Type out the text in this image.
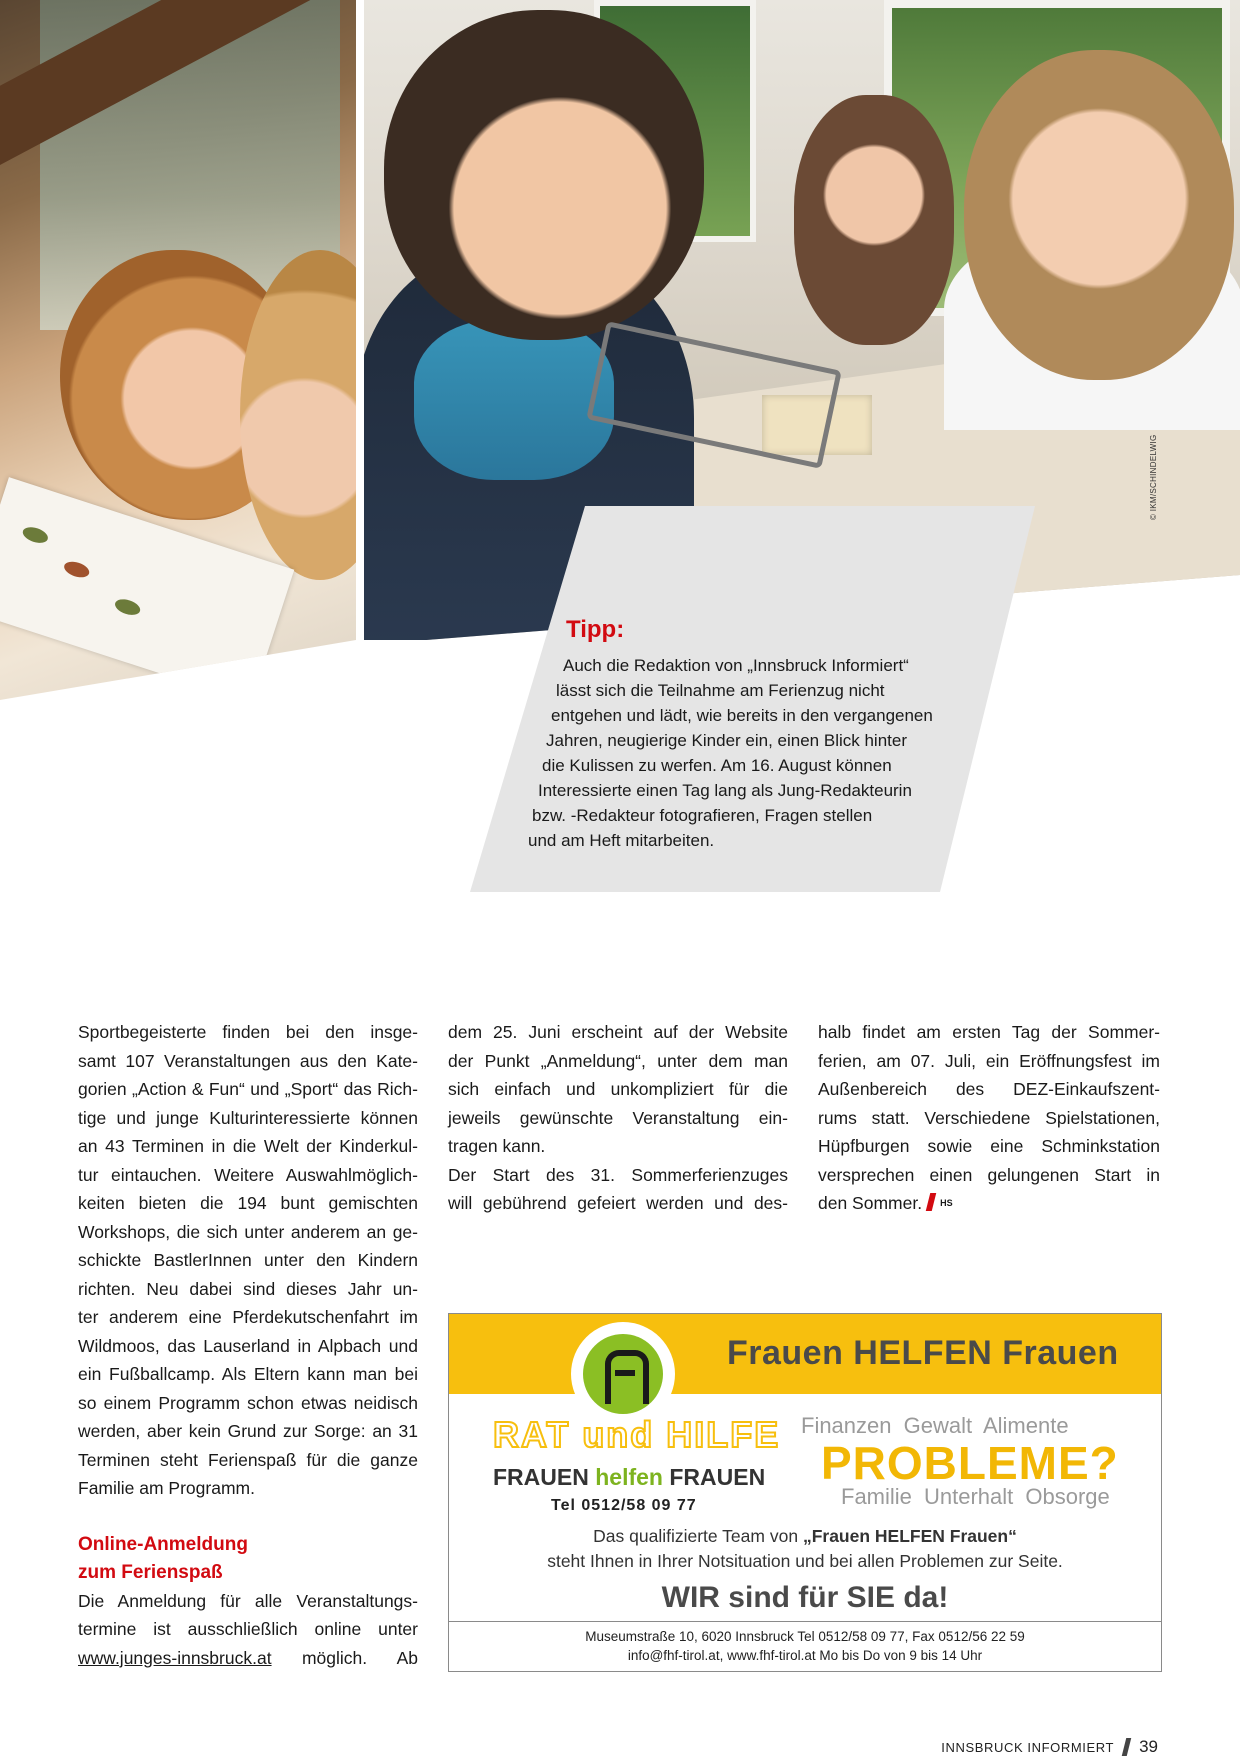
© IKM/SCHINDELWIG
Tipp:
Auch die Redaktion von „Innsbruck Informiert“
lässt sich die Teilnahme am Ferienzug nicht
entgehen und lädt, wie bereits in den vergangenen
Jahren, neugierige Kinder ein, einen Blick hinter
die Kulissen zu werfen. Am 16. August können
Interessierte einen Tag lang als Jung-Redakteurin
bzw. -Redakteur fotografieren, Fragen stellen
und am Heft mitarbeiten.
Sportbegeisterte finden bei den insge-
samt 107 Veranstaltungen aus den Kate-
gorien „Action & Fun“ und „Sport“ das Rich-
tige und junge Kulturinteressierte können
an 43 Terminen in die Welt der Kinderkul-
tur eintauchen. Weitere Auswahlmöglich-
keiten bieten die 194 bunt gemischten
Workshops, die sich unter anderem an ge-
schickte BastlerInnen unter den Kindern
richten. Neu dabei sind dieses Jahr un-
ter anderem eine Pferdekutschenfahrt im
Wildmoos, das Lauserland in Alpbach und
ein Fußballcamp. Als Eltern kann man bei
so einem Programm schon etwas neidisch
werden, aber kein Grund zur Sorge: an 31
Terminen steht Ferienspaß für die ganze
Familie am Programm.
Online-Anmeldung
zum Ferienspaß
Die Anmeldung für alle Veranstaltungs-
termine ist ausschließlich online unter
www.junges-innsbruck.at möglich. Ab
dem 25. Juni erscheint auf der Website
der Punkt „Anmeldung“, unter dem man
sich einfach und unkompliziert für die
jeweils gewünschte Veranstaltung ein-
tragen kann.
Der Start des 31. Sommerferienzuges
will gebührend gefeiert werden und des-
halb findet am ersten Tag der Sommer-
ferien, am 07. Juli, ein Eröffnungsfest im
Außenbereich des DEZ-Einkaufszent-
rums statt. Verschiedene Spielstationen,
Hüpfburgen sowie eine Schminkstation
versprechen einen gelungenen Start in
den Sommer. $^{HS}$
Frauen HELFEN Frauen
RAT und HILFE
FRAUEN helfen FRAUEN
Tel 0512/58 09 77
Finanzen Gewalt Alimente
PROBLEME?
Familie Unterhalt Obsorge
Das qualifizierte Team von „Frauen HELFEN Frauen“
steht Ihnen in Ihrer Notsituation und bei allen Problemen zur Seite.
WIR sind für SIE da!
Museumstraße 10, 6020 Innsbruck Tel 0512/58 09 77, Fax 0512/56 22 59
info@fhf-tirol.at, www.fhf-tirol.at Mo bis Do von 9 bis 14 Uhr
INNSBRUCK INFORMIERT 39
